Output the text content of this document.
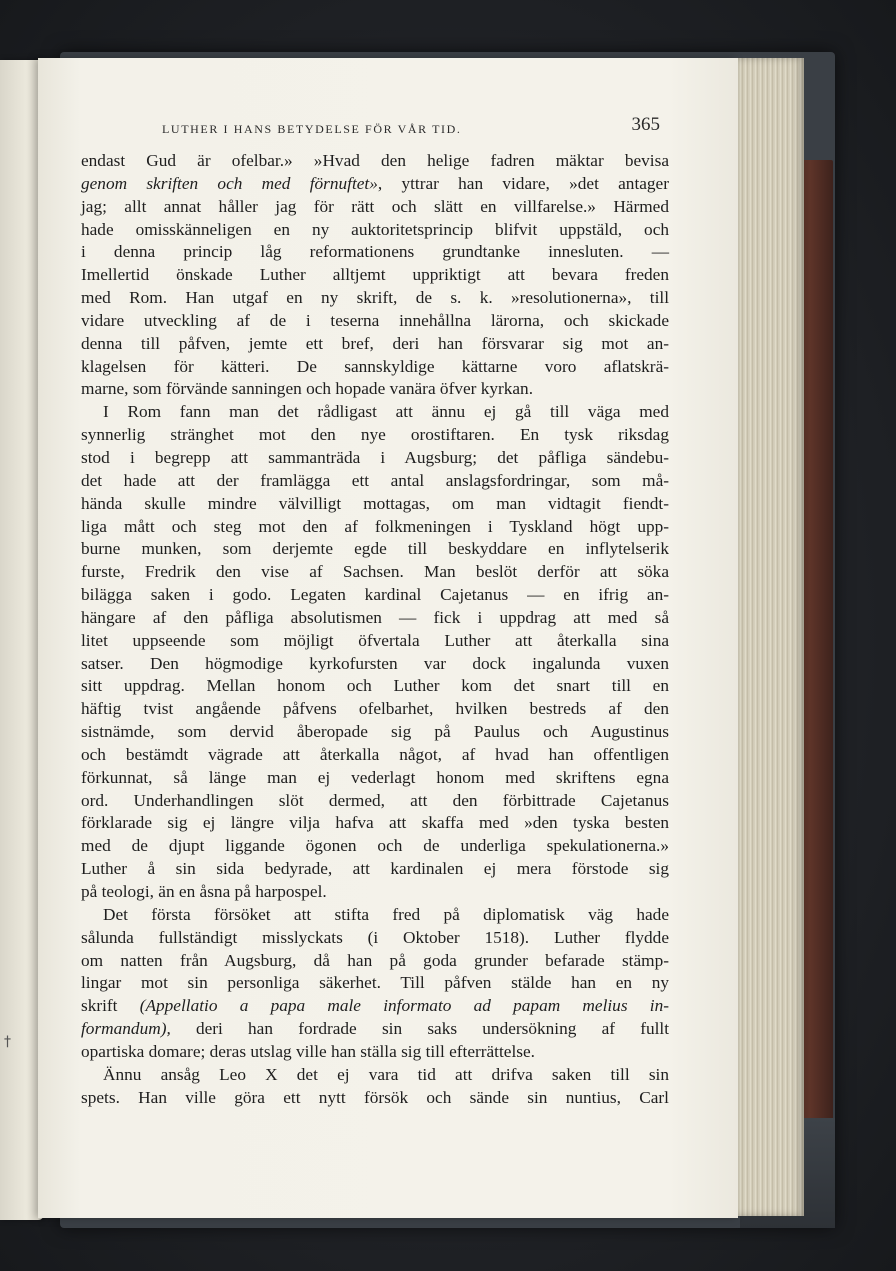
†
LUTHER I HANS BETYDELSE FÖR VÅR TID.	365
endast Gud är ofelbar.» »Hvad den helige fadren mäktar bevisa
genom skriften och med förnuftet», yttrar han vidare, »det antager
jag; allt annat håller jag för rätt och slätt en villfarelse.» Härmed
hade omisskänneligen en ny auktoritetsprincip blifvit uppstäld, och
i denna princip låg reformationens grundtanke innesluten. —
Imellertid önskade Luther alltjemt uppriktigt att bevara freden
med Rom. Han utgaf en ny skrift, de s. k. »resolutionerna», till
vidare utveckling af de i teserna innehållna lärorna, och skickade
denna till påfven, jemte ett bref, deri han försvarar sig mot an-
klagelsen för kätteri. De sannskyldige kättarne voro aflatskrä-
marne, som förvände sanningen och hopade vanära öfver kyrkan.
I Rom fann man det rådligast att ännu ej gå till väga med
synnerlig stränghet mot den nye orostiftaren. En tysk riksdag
stod i begrepp att sammanträda i Augsburg; det påfliga sändebu-
det hade att der framlägga ett antal anslagsfordringar, som må-
hända skulle mindre välvilligt mottagas, om man vidtagit fiendt-
liga mått och steg mot den af folkmeningen i Tyskland högt upp-
burne munken, som derjemte egde till beskyddare en inflytelserik
furste, Fredrik den vise af Sachsen. Man beslöt derför att söka
bilägga saken i godo. Legaten kardinal Cajetanus — en ifrig an-
hängare af den påfliga absolutismen — fick i uppdrag att med så
litet uppseende som möjligt öfvertala Luther att återkalla sina
satser. Den högmodige kyrkofursten var dock ingalunda vuxen
sitt uppdrag. Mellan honom och Luther kom det snart till en
häftig tvist angående påfvens ofelbarhet, hvilken bestreds af den
sistnämde, som dervid åberopade sig på Paulus och Augustinus
och bestämdt vägrade att återkalla något, af hvad han offentligen
förkunnat, så länge man ej vederlagt honom med skriftens egna
ord. Underhandlingen slöt dermed, att den förbittrade Cajetanus
förklarade sig ej längre vilja hafva att skaffa med »den tyska besten
med de djupt liggande ögonen och de underliga spekulationerna.»
Luther å sin sida bedyrade, att kardinalen ej mera förstode sig
på teologi, än en åsna på harpospel.
Det första försöket att stifta fred på diplomatisk väg hade
sålunda fullständigt misslyckats (i Oktober 1518). Luther flydde
om natten från Augsburg, då han på goda grunder befarade stämp-
lingar mot sin personliga säkerhet. Till påfven stälde han en ny
skrift (Appellatio a papa male informato ad papam melius in-
formandum), deri han fordrade sin saks undersökning af fullt
opartiska domare; deras utslag ville han ställa sig till efterrättelse.
Ännu ansåg Leo X det ej vara tid att drifva saken till sin
spets. Han ville göra ett nytt försök och sände sin nuntius, Carl
